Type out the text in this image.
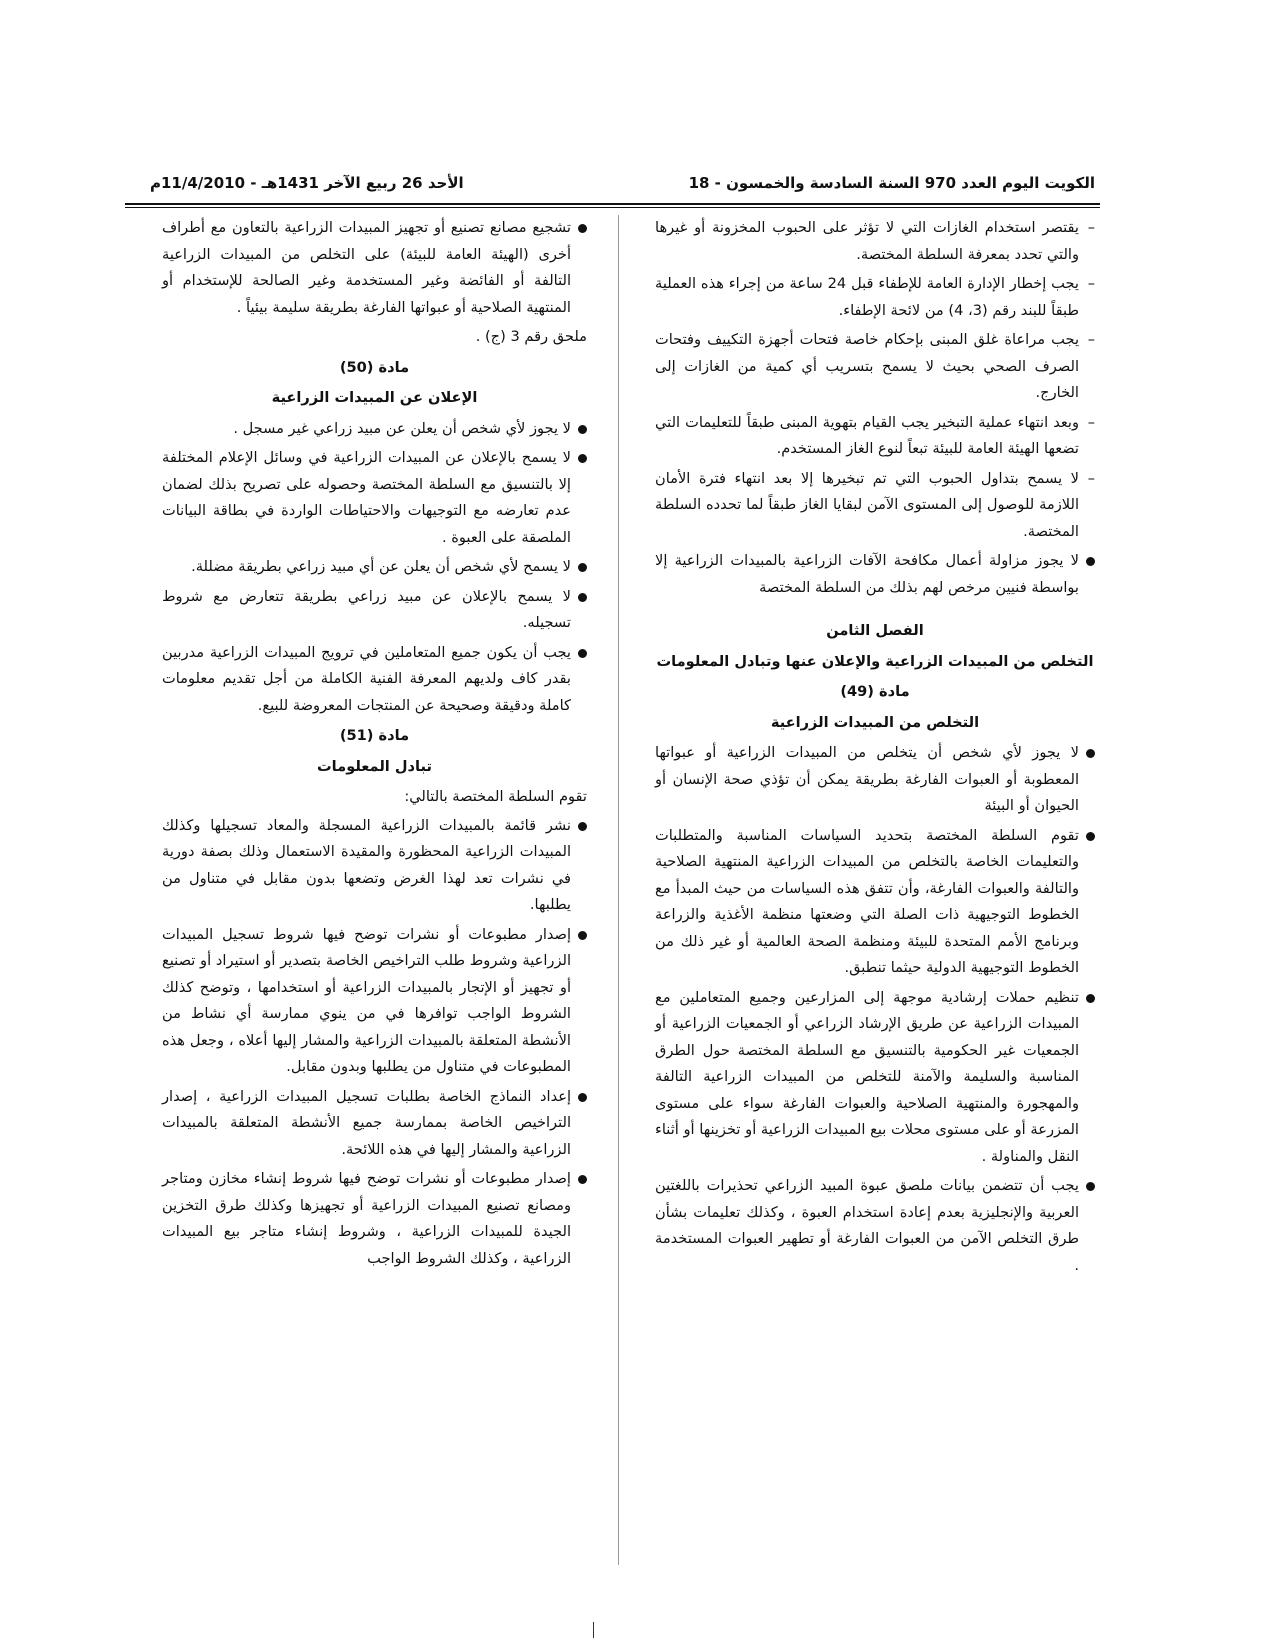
الكويت اليوم العدد 970 السنة السادسة والخمسون - 18
الأحد 26 ربيع الآخر 1431هـ - 11/4/2010م
–
يقتصر استخدام الغازات التي لا تؤثر على الحبوب المخزونة أو غيرها والتي تحدد بمعرفة السلطة المختصة.
–
يجب إخطار الإدارة العامة للإطفاء قبل 24 ساعة من إجراء هذه العملية طبقاً للبند رقم (3، 4) من لائحة الإطفاء.
–
يجب مراعاة غلق المبنى بإحكام خاصة فتحات أجهزة التكييف وفتحات الصرف الصحي بحيث لا يسمح بتسريب أي كمية من الغازات إلى الخارج.
–
وبعد انتهاء عملية التبخير يجب القيام بتهوية المبنى طبقاً للتعليمات التي تضعها الهيئة العامة للبيئة تبعاً لنوع الغاز المستخدم.
–
لا يسمح بتداول الحبوب التي تم تبخيرها إلا بعد انتهاء فترة الأمان اللازمة للوصول إلى المستوى الآمن لبقايا الغاز طبقاً لما تحدده السلطة المختصة.
لا يجوز مزاولة أعمال مكافحة الآفات الزراعية بالمبيدات الزراعية إلا بواسطة فنيين مرخص لهم بذلك من السلطة المختصة
الفصل الثامن
التخلص من المبيدات الزراعية والإعلان عنها وتبادل المعلومات
مادة (49)
التخلص من المبيدات الزراعية
لا يجوز لأي شخص أن يتخلص من المبيدات الزراعية أو عبواتها المعطوبة أو العبوات الفارغة بطريقة يمكن أن تؤذي صحة الإنسان أو الحيوان أو البيئة
تقوم السلطة المختصة بتحديد السياسات المناسبة والمتطلبات والتعليمات الخاصة بالتخلص من المبيدات الزراعية المنتهية الصلاحية والتالفة والعبوات الفارغة، وأن تتفق هذه السياسات من حيث المبدأ مع الخطوط التوجيهية ذات الصلة التي وضعتها منظمة الأغذية والزراعة وبرنامج الأمم المتحدة للبيئة ومنظمة الصحة العالمية أو غير ذلك من الخطوط التوجيهية الدولية حيثما تنطبق.
تنظيم حملات إرشادية موجهة إلى المزارعين وجميع المتعاملين مع المبيدات الزراعية عن طريق الإرشاد الزراعي أو الجمعيات الزراعية أو الجمعيات غير الحكومية بالتنسيق مع السلطة المختصة حول الطرق المناسبة والسليمة والآمنة للتخلص من المبيدات الزراعية التالفة والمهجورة والمنتهية الصلاحية والعبوات الفارغة سواء على مستوى المزرعة أو على مستوى محلات بيع المبيدات الزراعية أو تخزينها أو أثناء النقل والمناولة .
يجب أن تتضمن بيانات ملصق عبوة المبيد الزراعي تحذيرات باللغتين العربية والإنجليزية بعدم إعادة استخدام العبوة ، وكذلك تعليمات بشأن طرق التخلص الآمن من العبوات الفارغة أو تطهير العبوات المستخدمة .
تشجيع مصانع تصنيع أو تجهيز المبيدات الزراعية بالتعاون مع أطراف أخرى (الهيئة العامة للبيئة) على التخلص من المبيدات الزراعية التالفة أو الفائضة وغير المستخدمة وغير الصالحة للإستخدام أو المنتهية الصلاحية أو عبواتها الفارغة بطريقة سليمة بيئياً .
ملحق رقم 3 (ج) .
مادة (50)
الإعلان عن المبيدات الزراعية
لا يجوز لأي شخص أن يعلن عن مبيد زراعي غير مسجل .
لا يسمح بالإعلان عن المبيدات الزراعية في وسائل الإعلام المختلفة إلا بالتنسيق مع السلطة المختصة وحصوله على تصريح بذلك لضمان عدم تعارضه مع التوجيهات والاحتياطات الواردة في بطاقة البيانات الملصقة على العبوة .
لا يسمح لأي شخص أن يعلن عن أي مبيد زراعي بطريقة مضللة.
لا يسمح بالإعلان عن مبيد زراعي بطريقة تتعارض مع شروط تسجيله.
يجب أن يكون جميع المتعاملين في ترويج المبيدات الزراعية مدربين بقدر كاف ولديهم المعرفة الفنية الكاملة من أجل تقديم معلومات كاملة ودقيقة وصحيحة عن المنتجات المعروضة للبيع.
مادة (51)
تبادل المعلومات
تقوم السلطة المختصة بالتالي:
نشر قائمة بالمبيدات الزراعية المسجلة والمعاد تسجيلها وكذلك المبيدات الزراعية المحظورة والمقيدة الاستعمال وذلك بصفة دورية في نشرات تعد لهذا الغرض وتضعها بدون مقابل في متناول من يطلبها.
إصدار مطبوعات أو نشرات توضح فيها شروط تسجيل المبيدات الزراعية وشروط طلب التراخيص الخاصة بتصدير أو استيراد أو تصنيع أو تجهيز أو الإتجار بالمبيدات الزراعية أو استخدامها ، وتوضح كذلك الشروط الواجب توافرها في من ينوي ممارسة أي نشاط من الأنشطة المتعلقة بالمبيدات الزراعية والمشار إليها أعلاه ، وجعل هذه المطبوعات في متناول من يطلبها وبدون مقابل.
إعداد النماذج الخاصة بطلبات تسجيل المبيدات الزراعية ، إصدار التراخيص الخاصة بممارسة جميع الأنشطة المتعلقة بالمبيدات الزراعية والمشار إليها في هذه اللائحة.
إصدار مطبوعات أو نشرات توضح فيها شروط إنشاء مخازن ومتاجر ومصانع تصنيع المبيدات الزراعية أو تجهيزها وكذلك طرق التخزين الجيدة للمبيدات الزراعية ، وشروط إنشاء متاجر بيع المبيدات الزراعية ، وكذلك الشروط الواجب
